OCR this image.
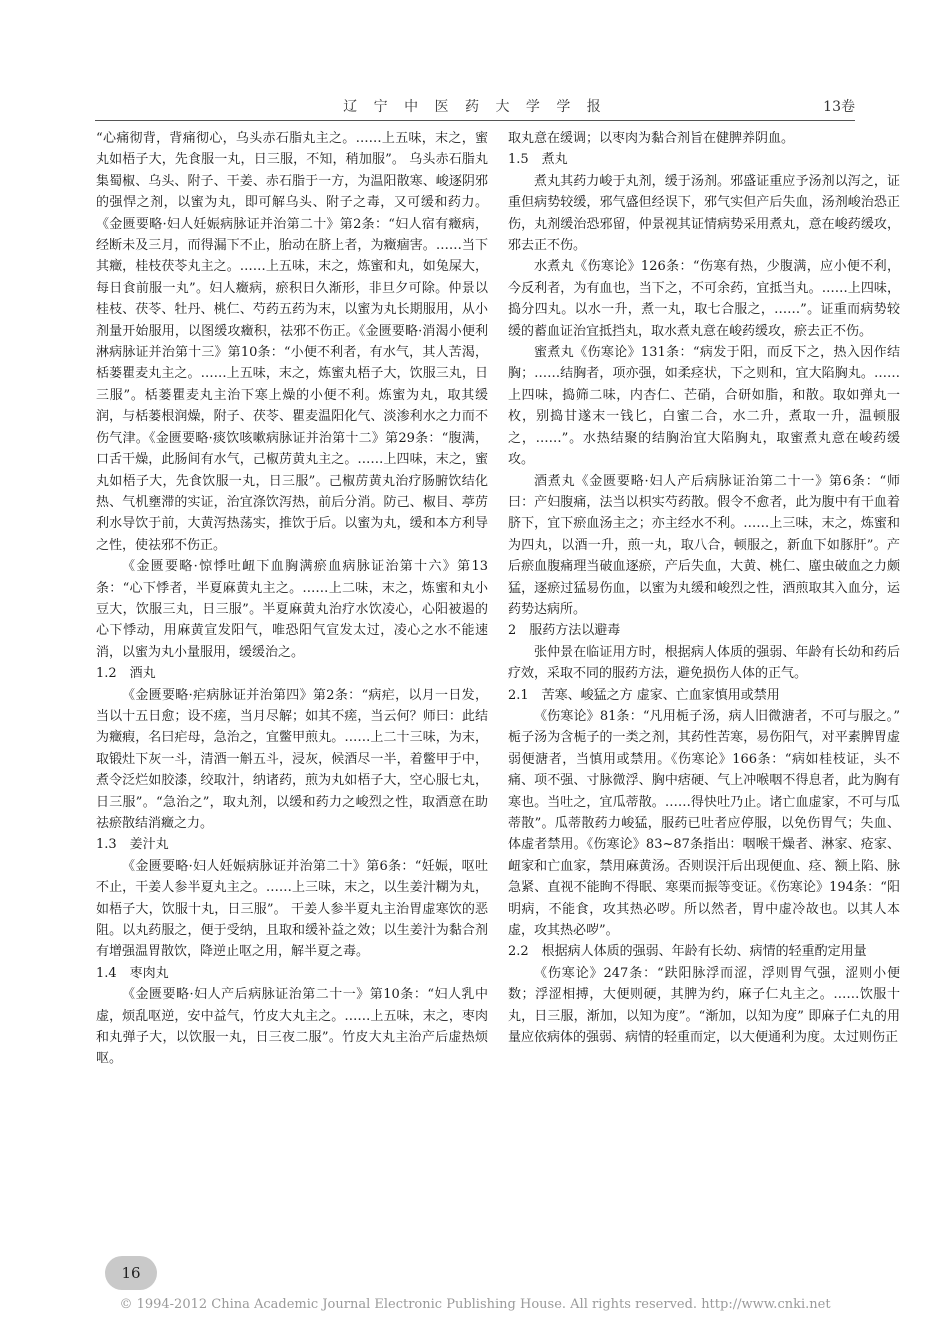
辽 宁 中 医 药 大 学 学 报	13卷

“心痛彻背，背痛彻心，乌头赤石脂丸主之。……上五味，末之，蜜丸如梧子大，先食服一丸，日三服，不知，稍加服”。 乌头赤石脂丸集蜀椒、乌头、附子、干姜、赤石脂于一方，为温阳散寒、峻逐阴邪的强悍之剂，以蜜为丸，即可解乌头、附子之毒，又可缓和药力。《金匮要略·妇人妊娠病脉证并治第二十》第2条：“妇人宿有癥病，经断未及三月，而得漏下不止，胎动在脐上者，为癥痼害。……当下其癥，桂枝茯苓丸主之。……上五味，末之，炼蜜和丸，如兔屎大，每日食前服一丸”。妇人癥病，瘀积日久渐形，非旦夕可除。仲景以桂枝、茯苓、牡丹、桃仁、芍药五药为末，以蜜为丸长期服用，从小剂量开始服用，以图缓攻癥积，祛邪不伤正。《金匮要略·消渴小便利淋病脉证并治第十三》第10条：“小便不利者，有水气，其人苦渴，栝蒌瞿麦丸主之。……上五味，末之，炼蜜丸梧子大，饮服三丸，日三服”。栝蒌瞿麦丸主治下寒上燥的小便不利。炼蜜为丸，取其缓润，与栝蒌根润燥，附子、茯苓、瞿麦温阳化气、淡渗利水之力而不伤气津。《金匮要略·痰饮咳嗽病脉证并治第十二》第29条：“腹满，口舌干燥，此肠间有水气，己椒苈黄丸主之。……上四味，末之，蜜丸如梧子大，先食饮服一丸，日三服”。己椒苈黄丸治疗肠腑饮结化热、气机壅滞的实证，治宜涤饮泻热，前后分消。防己、椒目、葶苈利水导饮于前，大黄泻热荡实，推饮于后。以蜜为丸，缓和本方利导之性，使祛邪不伤正。

《金匮要略·惊悸吐衄下血胸满瘀血病脉证治第十六》第13条：“心下悸者，半夏麻黄丸主之。……上二味，末之，炼蜜和丸小豆大，饮服三丸，日三服”。半夏麻黄丸治疗水饮凌心，心阳被遏的心下悸动，用麻黄宣发阳气，唯恐阳气宣发太过，凌心之水不能速消，以蜜为丸小量服用，缓缓治之。

1.2　酒丸

《金匮要略·疟病脉证并治第四》第2条：“病疟，以月一日发，当以十五日愈；设不瘥，当月尽解；如其不瘥，当云何？师曰：此结为癥瘕，名曰疟母，急治之，宜鳖甲煎丸。……上二十三味，为末，取锻灶下灰一斗，清酒一斛五斗，浸灰，候酒尽一半，着鳖甲于中，煮令泛烂如胶漆，绞取汁，纳诸药，煎为丸如梧子大，空心服七丸，日三服”。“急治之”，取丸剂，以缓和药力之峻烈之性，取酒意在助祛瘀散结消癥之力。

1.3　姜汁丸

《金匮要略·妇人妊娠病脉证并治第二十》第6条：“妊娠，呕吐不止，干姜人参半夏丸主之。……上三味，末之，以生姜汁糊为丸，如梧子大，饮服十丸，日三服”。 干姜人参半夏丸主治胃虚寒饮的恶阻。以丸药服之，便于受纳，且取和缓补益之效；以生姜汁为黏合剂有增强温胃散饮，降逆止呕之用，解半夏之毒。

1.4　枣肉丸

《金匮要略·妇人产后病脉证治第二十一》第10条：“妇人乳中虚，烦乱呕逆，安中益气，竹皮大丸主之。……上五味，末之，枣肉和丸弹子大，以饮服一丸，日三夜二服”。竹皮大丸主治产后虚热烦呕。

取丸意在缓调；以枣肉为黏合剂旨在健脾养阴血。

1.5　煮丸

煮丸其药力峻于丸剂，缓于汤剂。邪盛证重应予汤剂以泻之，证重但病势较缓，邪气盛但经误下，邪气实但产后失血，汤剂峻治恐正伤，丸剂缓治恐邪留，仲景视其证情病势采用煮丸，意在峻药缓攻，邪去正不伤。

水煮丸《伤寒论》126条：“伤寒有热，少腹满，应小便不利，今反利者，为有血也，当下之，不可余药，宜抵当丸。……上四味，捣分四丸。以水一升，煮一丸，取七合服之，……”。证重而病势较缓的蓄血证治宜抵挡丸，取水煮丸意在峻药缓攻，瘀去正不伤。

蜜煮丸《伤寒论》131条：“病发于阳，而反下之，热入因作结胸；……结胸者，项亦强，如柔痉状，下之则和，宜大陷胸丸。……上四味，捣筛二味，内杏仁、芒硝，合研如脂，和散。取如弹丸一枚，别捣甘遂末一钱匕，白蜜二合，水二升，煮取一升，温顿服之，……”。水热结聚的结胸治宜大陷胸丸，取蜜煮丸意在峻药缓攻。

酒煮丸《金匮要略·妇人产后病脉证治第二十一》第6条：“师曰：产妇腹痛，法当以枳实芍药散。假令不愈者，此为腹中有干血着脐下，宜下瘀血汤主之；亦主经水不利。……上三味，末之，炼蜜和为四丸，以酒一升，煎一丸，取八合，顿服之，新血下如豚肝”。产后瘀血腹痛理当破血逐瘀，产后失血，大黄、桃仁、䗪虫破血之力颇猛，逐瘀过猛易伤血，以蜜为丸缓和峻烈之性，酒煎取其入血分，运药势达病所。

2　服药方法以避毒

张仲景在临证用方时，根据病人体质的强弱、年龄有长幼和药后疗效，采取不同的服药方法，避免损伤人体的正气。

2.1　苦寒、峻猛之方 虚家、亡血家慎用或禁用

《伤寒论》81条：“凡用栀子汤，病人旧微溏者，不可与服之。” 栀子汤为含栀子的一类之剂，其药性苦寒，易伤阳气，对平素脾胃虚弱便溏者，当慎用或禁用。《伤寒论》166条：“病如桂枝证，头不痛、项不强、寸脉微浮、胸中痞硬、气上冲喉咽不得息者，此为胸有寒也。当吐之，宜瓜蒂散。……得快吐乃止。诸亡血虚家，不可与瓜蒂散”。瓜蒂散药力峻猛，服药已吐者应停服，以免伤胃气；失血、体虚者禁用。《伤寒论》83~87条指出：咽喉干燥者、淋家、疮家、衄家和亡血家，禁用麻黄汤。否则误汗后出现便血、痉、额上陷、脉急紧、直视不能眴不得眠、寒栗而振等变证。《伤寒论》194条：“阳明病，不能食，攻其热必哕。所以然者，胃中虚冷故也。以其人本虚，攻其热必哕”。

2.2　根据病人体质的强弱、年龄有长幼、病情的轻重酌定用量

《伤寒论》247条：“趺阳脉浮而涩，浮则胃气强，涩则小便数；浮涩相搏，大便则硬，其脾为约，麻子仁丸主之。……饮服十丸，日三服，渐加，以知为度”。“渐加，以知为度” 即麻子仁丸的用量应依病体的强弱、病情的轻重而定，以大便通利为度。太过则伤正

16
© 1994-2012 China Academic Journal Electronic Publishing House. All rights reserved. http://www.cnki.net
